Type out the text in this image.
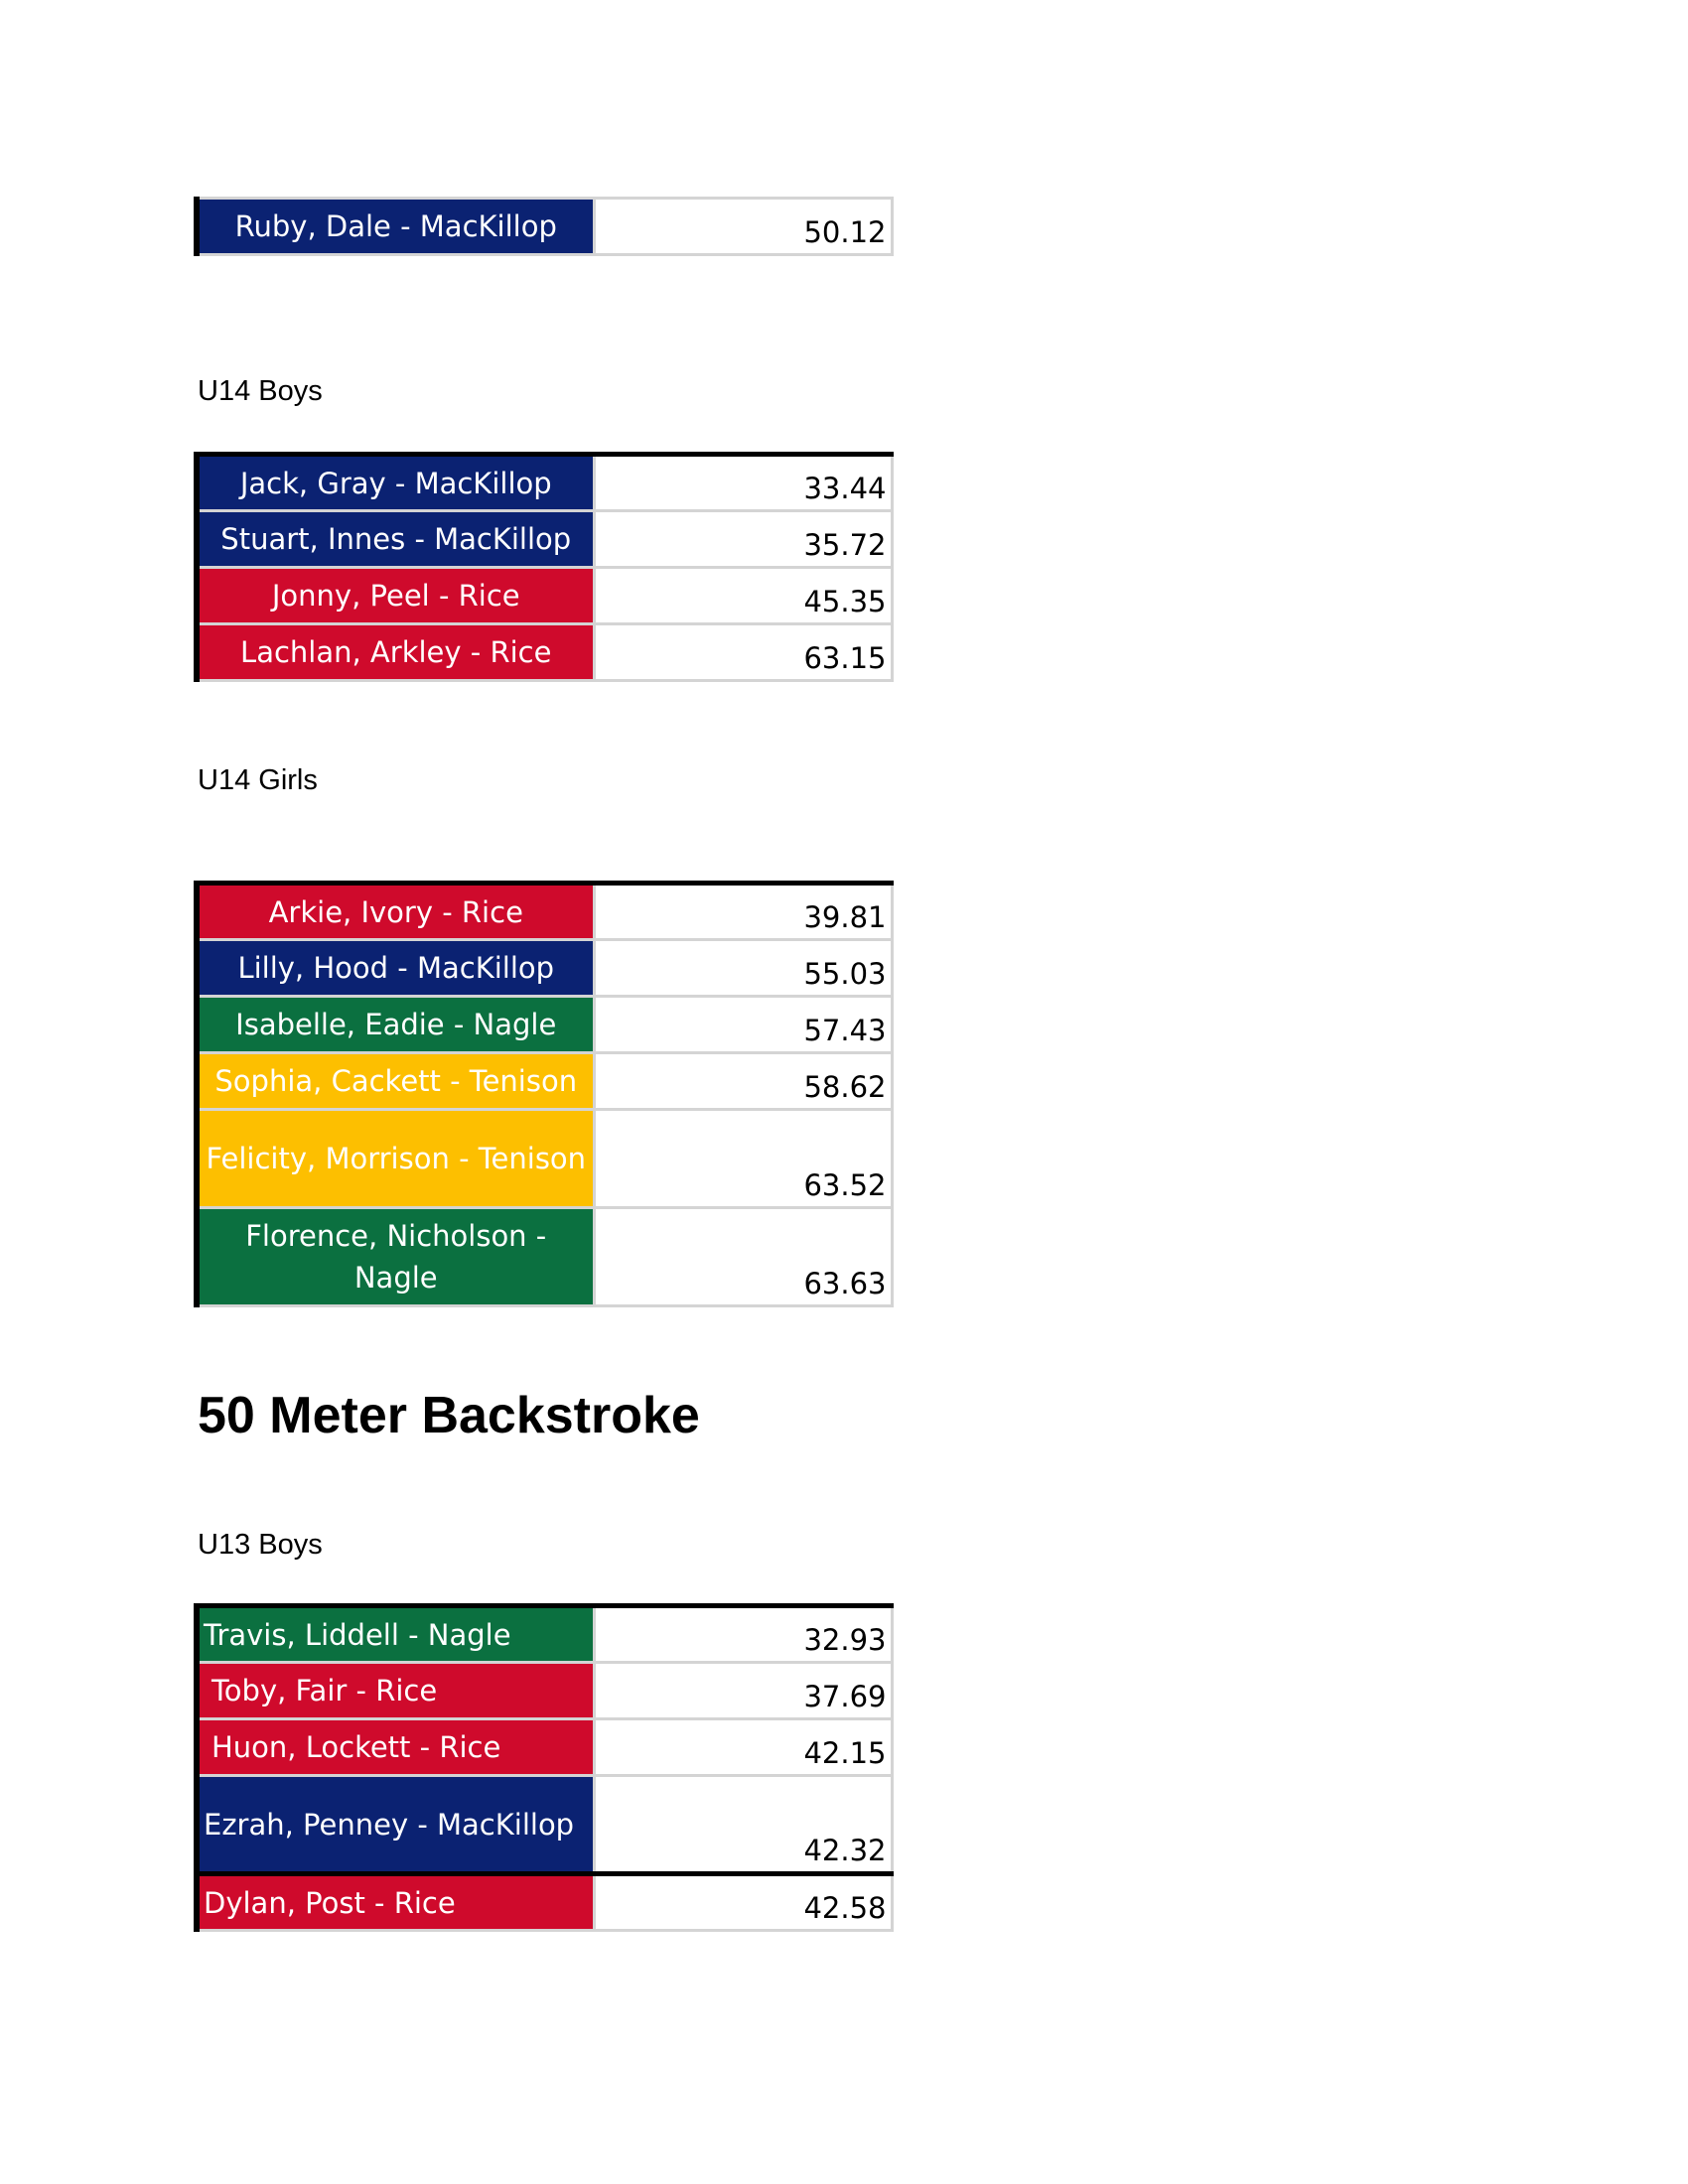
Ruby, Dale - MacKillop	50.12
U14 Boys
Jack, Gray - MacKillop	33.44
Stuart, Innes - MacKillop	35.72
Jonny, Peel - Rice	45.35
Lachlan, Arkley - Rice	63.15
U14 Girls
Arkie, Ivory - Rice	39.81
Lilly, Hood - MacKillop	55.03
Isabelle, Eadie - Nagle	57.43
Sophia, Cackett - Tenison	58.62
Felicity, Morrison - Tenison	63.52
Florence, Nicholson - Nagle	63.63
50 Meter Backstroke
U13 Boys
Travis, Liddell - Nagle	32.93
Toby, Fair - Rice	37.69
Huon, Lockett - Rice	42.15
Ezrah, Penney - MacKillop	42.32
Dylan, Post - Rice	42.58
